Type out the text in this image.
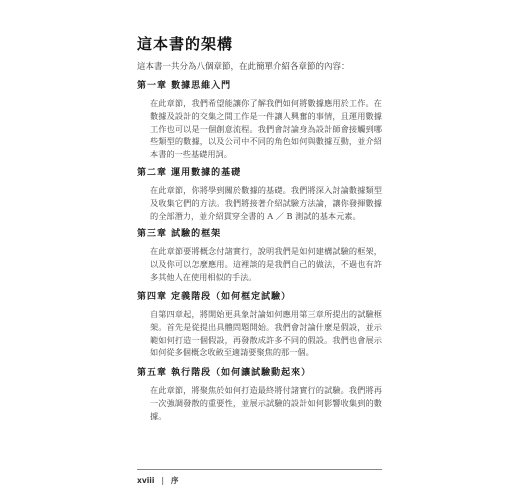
這本書的架構
這本書一共分為八個章節，在此簡單介紹各章節的內容：
第一章 數據思維入門
在此章節，我們希望能讓你了解我們如何將數據應用於工作。在數據及設計的交集之間工作是一件讓人興奮的事情，且運用數據工作也可以是一個創意流程。我們會討論身為設計師會接觸到哪些類型的數據，以及公司中不同的角色如何與數據互動，並介紹本書的一些基礎用詞。
第二章 運用數據的基礎
在此章節，你將學到關於數據的基礎。我們將深入討論數據類型及收集它們的方法。我們將接著介紹試驗方法論，讓你發揮數據的全部潛力，並介紹貫穿全書的 A ／ B 測試的基本元素。
第三章 試驗的框架
在此章節要將概念付諸實行，說明我們是如何建構試驗的框架，以及你可以怎麼應用。這裡談的是我們自己的做法，不過也有許多其他人在使用相似的手法。
第四章 定義階段（如何框定試驗）
自第四章起，將開始更具象討論如何應用第三章所提出的試驗框架。首先是從提出具體問題開始。我們會討論什麼是假設，並示範如何打造一個假設，再發散成許多不同的假設。我們也會展示如何從多個概念收斂至適請要聚焦的那一個。
第五章 執行階段（如何讓試驗動起來）
在此章節，將聚焦於如何打造最終將付諸實行的試驗。我們將再一次強調發散的重要性，並展示試驗的設計如何影響收集到的數據。
xviii | 序
